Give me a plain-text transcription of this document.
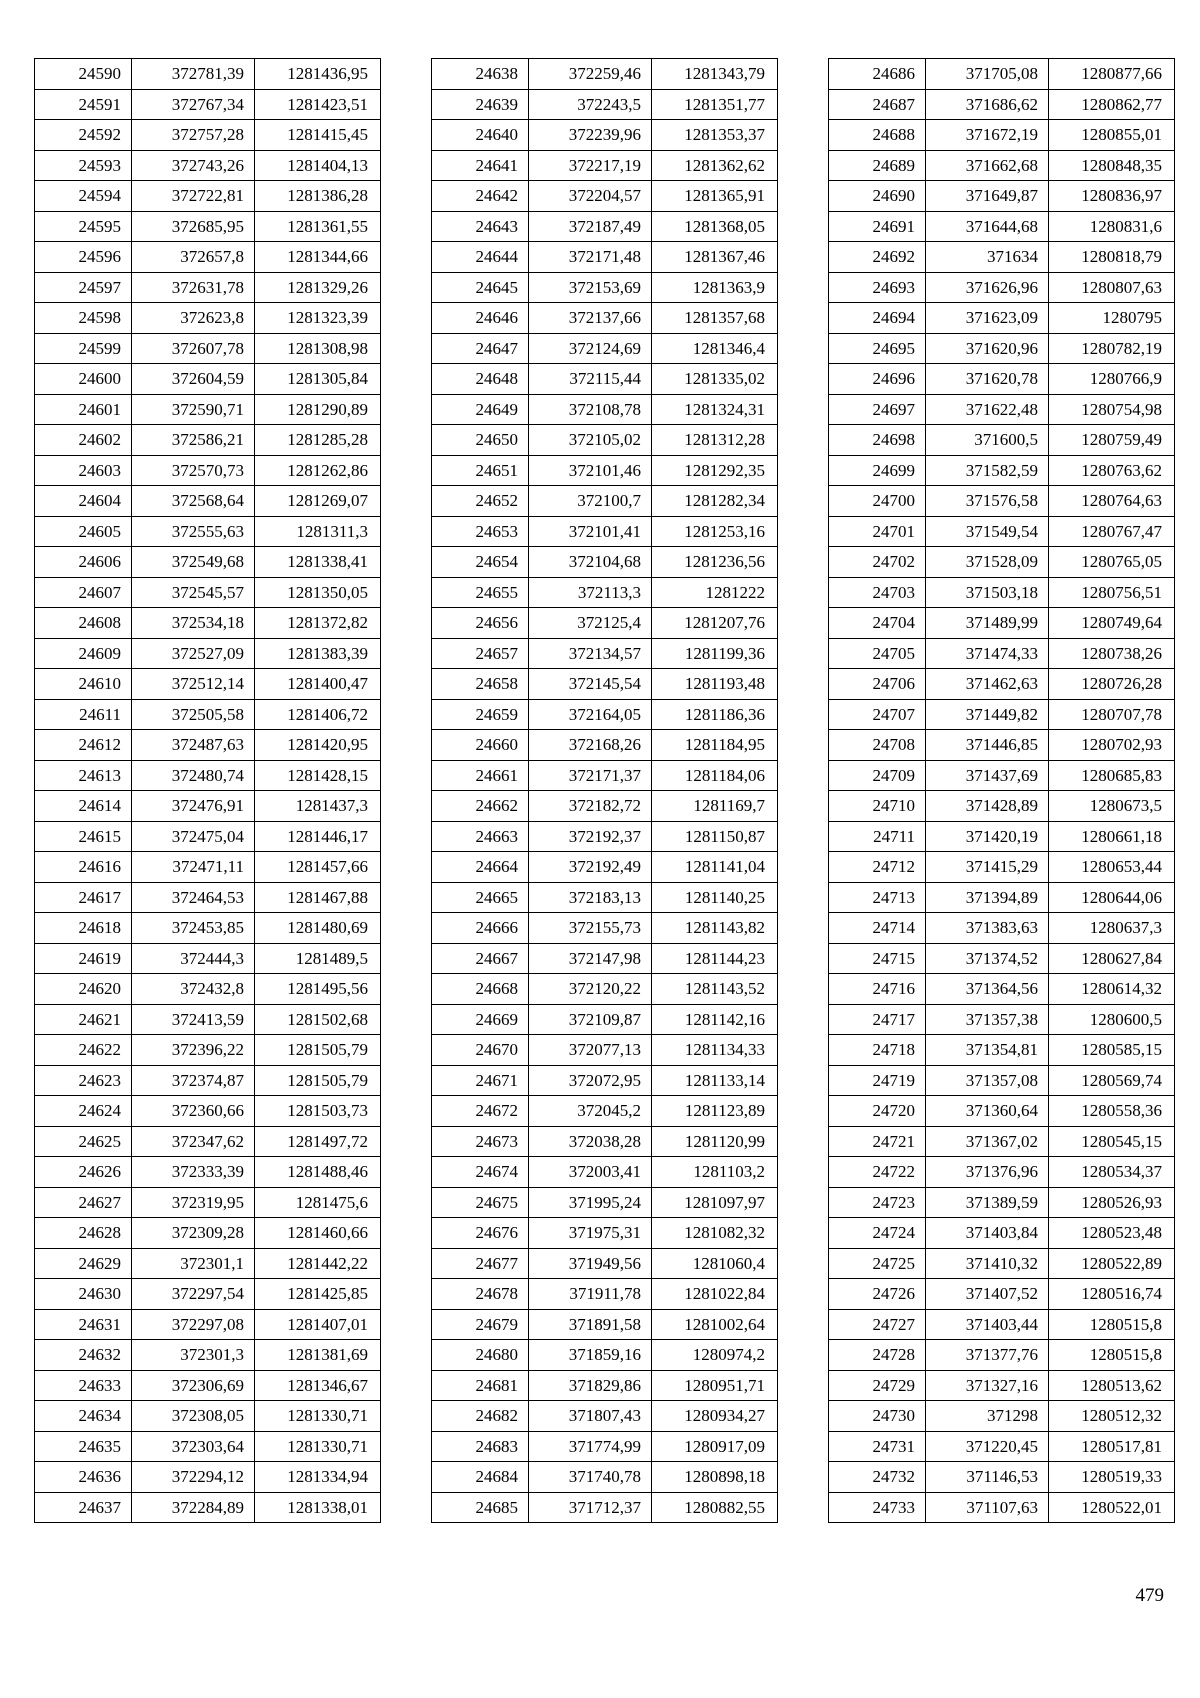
24590	372781,39	1281436,95
24591	372767,34	1281423,51
24592	372757,28	1281415,45
24593	372743,26	1281404,13
24594	372722,81	1281386,28
24595	372685,95	1281361,55
24596	372657,8	1281344,66
24597	372631,78	1281329,26
24598	372623,8	1281323,39
24599	372607,78	1281308,98
24600	372604,59	1281305,84
24601	372590,71	1281290,89
24602	372586,21	1281285,28
24603	372570,73	1281262,86
24604	372568,64	1281269,07
24605	372555,63	1281311,3
24606	372549,68	1281338,41
24607	372545,57	1281350,05
24608	372534,18	1281372,82
24609	372527,09	1281383,39
24610	372512,14	1281400,47
24611	372505,58	1281406,72
24612	372487,63	1281420,95
24613	372480,74	1281428,15
24614	372476,91	1281437,3
24615	372475,04	1281446,17
24616	372471,11	1281457,66
24617	372464,53	1281467,88
24618	372453,85	1281480,69
24619	372444,3	1281489,5
24620	372432,8	1281495,56
24621	372413,59	1281502,68
24622	372396,22	1281505,79
24623	372374,87	1281505,79
24624	372360,66	1281503,73
24625	372347,62	1281497,72
24626	372333,39	1281488,46
24627	372319,95	1281475,6
24628	372309,28	1281460,66
24629	372301,1	1281442,22
24630	372297,54	1281425,85
24631	372297,08	1281407,01
24632	372301,3	1281381,69
24633	372306,69	1281346,67
24634	372308,05	1281330,71
24635	372303,64	1281330,71
24636	372294,12	1281334,94
24637	372284,89	1281338,01
24638	372259,46	1281343,79
24639	372243,5	1281351,77
24640	372239,96	1281353,37
24641	372217,19	1281362,62
24642	372204,57	1281365,91
24643	372187,49	1281368,05
24644	372171,48	1281367,46
24645	372153,69	1281363,9
24646	372137,66	1281357,68
24647	372124,69	1281346,4
24648	372115,44	1281335,02
24649	372108,78	1281324,31
24650	372105,02	1281312,28
24651	372101,46	1281292,35
24652	372100,7	1281282,34
24653	372101,41	1281253,16
24654	372104,68	1281236,56
24655	372113,3	1281222
24656	372125,4	1281207,76
24657	372134,57	1281199,36
24658	372145,54	1281193,48
24659	372164,05	1281186,36
24660	372168,26	1281184,95
24661	372171,37	1281184,06
24662	372182,72	1281169,7
24663	372192,37	1281150,87
24664	372192,49	1281141,04
24665	372183,13	1281140,25
24666	372155,73	1281143,82
24667	372147,98	1281144,23
24668	372120,22	1281143,52
24669	372109,87	1281142,16
24670	372077,13	1281134,33
24671	372072,95	1281133,14
24672	372045,2	1281123,89
24673	372038,28	1281120,99
24674	372003,41	1281103,2
24675	371995,24	1281097,97
24676	371975,31	1281082,32
24677	371949,56	1281060,4
24678	371911,78	1281022,84
24679	371891,58	1281002,64
24680	371859,16	1280974,2
24681	371829,86	1280951,71
24682	371807,43	1280934,27
24683	371774,99	1280917,09
24684	371740,78	1280898,18
24685	371712,37	1280882,55
24686	371705,08	1280877,66
24687	371686,62	1280862,77
24688	371672,19	1280855,01
24689	371662,68	1280848,35
24690	371649,87	1280836,97
24691	371644,68	1280831,6
24692	371634	1280818,79
24693	371626,96	1280807,63
24694	371623,09	1280795
24695	371620,96	1280782,19
24696	371620,78	1280766,9
24697	371622,48	1280754,98
24698	371600,5	1280759,49
24699	371582,59	1280763,62
24700	371576,58	1280764,63
24701	371549,54	1280767,47
24702	371528,09	1280765,05
24703	371503,18	1280756,51
24704	371489,99	1280749,64
24705	371474,33	1280738,26
24706	371462,63	1280726,28
24707	371449,82	1280707,78
24708	371446,85	1280702,93
24709	371437,69	1280685,83
24710	371428,89	1280673,5
24711	371420,19	1280661,18
24712	371415,29	1280653,44
24713	371394,89	1280644,06
24714	371383,63	1280637,3
24715	371374,52	1280627,84
24716	371364,56	1280614,32
24717	371357,38	1280600,5
24718	371354,81	1280585,15
24719	371357,08	1280569,74
24720	371360,64	1280558,36
24721	371367,02	1280545,15
24722	371376,96	1280534,37
24723	371389,59	1280526,93
24724	371403,84	1280523,48
24725	371410,32	1280522,89
24726	371407,52	1280516,74
24727	371403,44	1280515,8
24728	371377,76	1280515,8
24729	371327,16	1280513,62
24730	371298	1280512,32
24731	371220,45	1280517,81
24732	371146,53	1280519,33
24733	371107,63	1280522,01
479
